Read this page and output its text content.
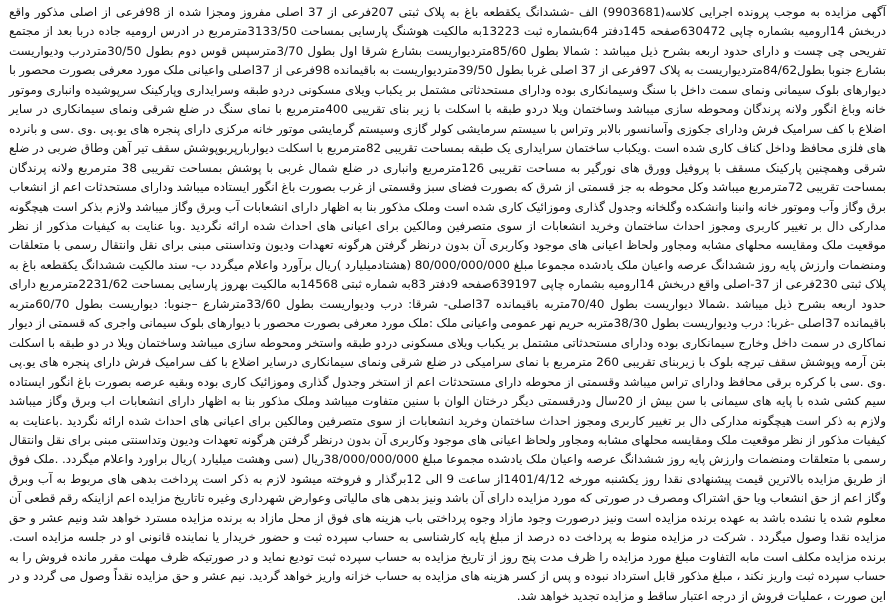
آگهی مزایده به موجب پرونده اجرایی کلاسه(9903681) الف -ششدانگ یکقطعه باغ به پلاک ثبتی 207فرعی از 37 اصلی مفروز ومجزا شده از 98فرعی از اصلی مذکور واقع دربخش 14ارومیه بشماره چاپی 630472صفحه 145دفتر 64بشماره ثبت 13223به مالکیت هوشنگ پارسایی بمساحت 3133/50مترمربع در ادرس ارومیه جاده دربا بعد از مجتمع تفریحی چی چست و دارای حدود اربعه بشرح ذیل میباشد : شمالا بطول 85/60متردیواریست بشارع شرقا اول بطول 3/70مترسپس قوس دوم بطول 30/50متردرب ودیواریست بشارع جنوبا بطول84/62متردیواریست به پلاک 97فرعی از 37 اصلی غربا بطول 39/50متردیواریست به باقیمانده 98فرعی از 37اصلی واعیانی ملک مورد معرفی بصورت محصور با دیوارهای بلوک سیمانی ونمای سمت داخل با سنگ وسیمانکاری بوده ودارای مستحدثاتی مشتمل بر یکباب ویلای مسکونی دردو طبقه وسرایداری وپارکینک سرپوشیده وانباری وموتور خانه وباغ انگور ولانه پرندگان ومحوطه سازی میباشد وساختمان ویلا دردو طبقه با اسکلت با زیر بنای تقریبی 400مترمربع با نمای سنگ در ضلع شرقی ونمای سیمانکاری در سایر اضلاع با کف سرامیک فرش ودارای جکوزی وآسانسور بالابر وتراس با سیستم سرمایشی کولر گازی وسیستم گرمایشی موتور خانه مرکزی دارای پنجره های یو.پی .وی .سی و بانرده های فلزی محافظ وداخل کناف کاری شده است .ویکباب ساختمان سرایداری یک طبقه بمساحت تقریبی 82مترمربع با اسکلت دیواربارپربوپوشش سقف تیر آهن وطاق ضربی در ضلع شرقی وهمچنین پارکینک مسقف با پروفیل وورق های نورگیر به مساحت تقریبی 126مترمربع وانباری در ضلع شمال غربی با پوشش بمساحت تقریبی 38 مترمربع ولانه پرندگان بمساحت تقریبی 72مترمربع میباشد وکل محوطه به جز قسمتی از شرق که بصورت فضای سبز وقسمتی از غرب بصورت باغ انگور ایستاده میباشد ودارای مستحدثات اعم از انشعاب برق وگاز وآب وموتور خانه وانبنا وانشکده وگلخانه وجدول گذاری وموزائیک کاری شده است وملک مذکور بنا به اظهار دارای انشعابات آب وبرق وگاز میباشد ولازم بذکر است هیچگونه مدارکی دال بر تغییر کاربری ومجوز احداث ساختمان وخرید انشعابات از سوی متصرفین ومالکین برای اعیانی های احداث شده ارائه نگردید .وبا عنایت به کیفیات مذکور از نظر موقعیت ملک ومقایسه محلهای مشابه ومجاور ولحاظ اعیانی های موجود وکاربری آن بدون درنظر گرفتن هرگونه تعهدات ودیون وتداسنتی مبنی برای نقل وانتقال رسمی با متعلقات ومنضمات وارزش پایه روز ششدانگ عرصه واعیان ملک یادشده مجموعا مبلغ 80/000/000/000 (هشتادمیلیارد )ریال برآورد واعلام میگردد ب- سند مالکیت ششدانگ یکقطعه باغ به پلاک ثبتی 230فرعی از 37-اصلی واقع دربخش 14ارومیه بشماره چاپی 639197صفحه 9دفتر 83به شماره ثبتی 14568به مالکیت بهروز پارسایی بمساحت 2231/62مترمربع دارای حدود اربعه بشرح ذیل میباشد .شمالا دیواریست بطول 70/40متربه باقیمانده 37اصلی- شرقا: درب ودیواریست بطول 33/60مترشارع –جنوبا: دیواریست بطول 60/70متربه باقیمانده 37اصلی -غربا: درب ودیواریست بطول 38/30متربه حریم نهر عمومی واعیانی ملک :ملک مورد معرفی بصورت محصور با دیوارهای بلوک سیمانی واجری که قسمتی از دیوار نماکاری در سمت داخل وخارج سیمانکاری بوده ودارای مستحدثاتی مشتمل بر یکباب ویلای مسکونی دردو طبقه واستخر ومحوطه سازی میباشد وساختمان ویلا در دو طبقه با اسکلت بتن آرمه وپوشش سقف تیرچه بلوک با زیربنای تقریبی 260 مترمربع با نمای سرامیکی در ضلع شرقی ونمای سیمانکاری درسایر اضلاع با کف سرامیک فرش دارای پنجره های یو.پی .وی .سی با کرکره برقی محافظ ودارای تراس میباشد وقسمتی از محوطه دارای مستحدثات اعم از استخر وجدول گذاری وموزائیک کاری بوده وبقیه عرصه بصورت باغ انگور ایستاده سیم کشی شده با پایه های سیمانی با سن بیش از 20سال ودرقسمتی دیگر درختان الوان با سنین متفاوت میباشد وملک مذکور بنا به اظهار دارای انشعابات اب وبرق وگاز میباشد ولازم به ذکر است هیچگونه مدارکی دال بر تغییر کاربری ومجوز احداث ساختمان وخرید انشعابات از سوی متصرفین ومالکین برای اعیانی های احداث شده ارائه نگردید .باعنایت به کیفیات مذکور از نظر موقعیت ملک ومقایسه محلهای مشابه ومجاور ولحاظ اعیانی های موجود وکاربری آن بدون درنظر گرفتن هرگونه تعهدات ودیون وتداسنتی مبنی برای نقل وانتقال رسمی با متعلقات ومنضمات وارزش پایه روز ششدانگ عرصه واعیان ملک یادشده مجموعا مبلغ 38/000/000/000ریال (سی وهشت میلیارد )ریال براورد واعلام میگردد. .ملک فوق از طریق مزایده بالاترین قیمت پیشنهادی نقدا روز یکشنبه مورخه 1401/4/12از ساعت 9 الی 12برگذار و فروخته میشود لازم به ذکر است پرداخت بدهی های مربوط به آب وبرق وگاز اعم از حق انشعاب ویا حق اشتراک ومصرف در صورتی که مورد مزایده دارای آن باشد ونیز بدهی های مالیاتی وعوارض شهرداری وغیره تاتاریخ مزایده اعم ازاینکه رقم قطعی آن معلوم شده یا نشده باشد به عهده برنده مزایده است ونیز درصورت وجود مازاد وجوه پرداختی باب هزینه های فوق از محل مازاد به برنده مزایده مسترد خواهد شد ونیم عشر و حق مزایده نقدا وصول میگردد . شرکت در مزایده منوط به پرداخت ده درصد از مبلغ پایه کارشناسی به حساب سپرده ثبت و حضور خریدار یا نماینده قانونی او در جلسه مزایده است. برنده مزایده مکلف است مابه التفاوت مبلغ مورد مزایده را ظرف مدت پنج روز از تاریخ مزایده به حساب سپرده ثبت تودیع نماید و در صورتیکه ظرف مهلت مقرر مانده فروش را به حساب سپرده ثبت واریز نکند ، مبلغ مذکور قابل استرداد نبوده و پس از کسر هزینه های مزایده به حساب خزانه واریز خواهد گردید. نیم عشر و حق مزایده نقداً وصول می گردد و در این صورت ، عملیات فروش از درجه اعتبار ساقط و مزایده تجدید خواهد شد.
